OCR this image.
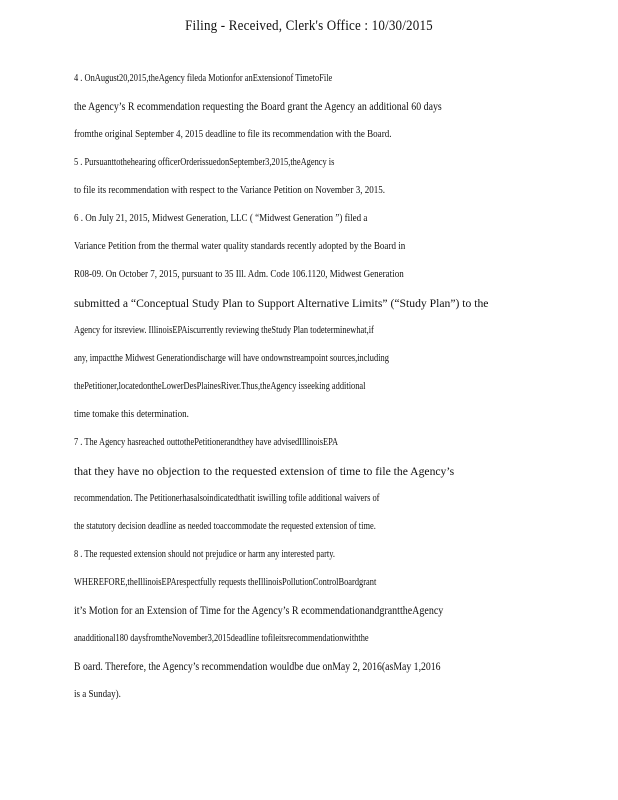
Filing - Received, Clerk's Office : 10/30/2015
4 . OnAugust20,2015,theAgency fileda Motionfor anExtensionof TimetoFile
the Agency’s R ecommendation requesting the Board grant the Agency an additional 60 days
fromthe original September 4, 2015 deadline to file its recommendation with the Board.
5 . Pursuanttothehearing officerOrderissuedonSeptember3,2015,theAgency is
to file its recommendation with respect to the Variance Petition on November 3, 2015.
6 . On July 21, 2015, Midwest Generation, LLC ( “Midwest Generation ”) filed a
Variance Petition from the thermal water quality standards recently adopted by the Board in
R08-09. On October 7, 2015, pursuant to 35 Ill. Adm. Code 106.1120, Midwest Generation
submitted a “Conceptual Study Plan to Support Alternative Limits” (“Study Plan”) to the
Agency for itsreview. IllinoisEPAiscurrently reviewing theStudy Plan todeterminewhat,if
any, impactthe Midwest Generationdischarge will have ondownstreampoint sources,including
thePetitioner,locatedontheLowerDesPlainesRiver.Thus,theAgency isseeking additional
time tomake this determination.
7 . The Agency hasreached outtothePetitionerandthey have advisedIllinoisEPA
that they have no objection to the requested extension of time to file the Agency’s
recommendation. The Petitionerhasalsoindicatedthatit iswilling tofile additional waivers of
the statutory decision deadline as needed toaccommodate the requested extension of time.
8 . The requested extension should not prejudice or harm any interested party.
WHEREFORE,theIllinoisEPArespectfully requests theIllinoisPollutionControlBoardgrant
it’s Motion for an Extension of Time for the Agency’s R ecommendationandgranttheAgency
anadditional180 daysfromtheNovember3,2015deadline tofileitsrecommendationwiththe
B oard. Therefore, the Agency’s recommendation wouldbe due onMay 2, 2016(asMay 1,2016
is a Sunday).
